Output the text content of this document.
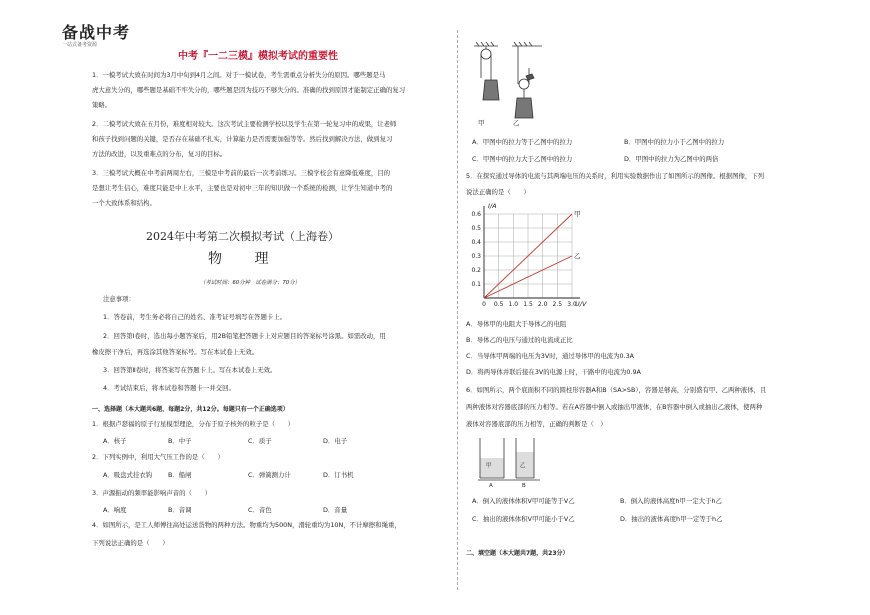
备战中考
一站式备考资源
中考『一二三模』模拟考试的重要性

1．一模考试大致在时间为3月中旬到4月之间。对于一模试卷，考生需重点分析失分的原因。哪些题是马

虎大意失分的，哪些题是基础不牢失分的，哪些题是因为技巧不够失分的。准确的找到原因才能制定正确的复习

策略。

2．二模考试大致在五月份，难度相对较大。这次考试主要检测学校以及学生在第一轮复习中的成果，让老师

和孩子找到问题的关键，是否存在基础不扎实，计算能力是否需要加强等等。然后找到解决方法，做到复习

方法的改进，以及重难点的分布，复习的目标。

3．三模考试大概在中考前两周左右，三模是中考前的最后一次考前练习。三模学校会有意降低难度，目的

是想让考生信心，难度只能是中上水平，主要也是对初中三年的知识做一个系统的检测，让学生知道中考的

一个大致体系和结构。

2024年中考第二次模拟考试（上海卷）
物 理
（考试时间：60分钟　试卷满分：70分）

注意事项：

1．答卷前，考生务必将自己的姓名、准考证号填写在答题卡上。

2．回答第Ⅰ卷时，选出每小题答案后，用2B铅笔把答题卡上对应题目的答案标号涂黑。如需改动，用

橡皮擦干净后，再选涂其他答案标号。写在本试卷上无效。

3．回答第Ⅱ卷时，将答案写在答题卡上。写在本试卷上无效。

4．考试结束后，将本试卷和答题卡一并交回。

一、选择题（本大题共6题，每题2分，共12分。每题只有一个正确选项）

1．根据卢瑟福的原子行星模型理论，分布于原子核外的粒子是（　　）

A．核子	B．中子	C．质子	D．电子

2．下列实例中，利用大气压工作的是（　　）

A．吸盘式挂衣钩 B．船闸	C．弹簧测力计	D．订书机

3．声源振动的频率能影响声音的（　　）

A．响度	B．音调	C．音色	D．音量

4．如图所示，是工人师傅往高处运送货物的两种方法。物重均为500N，滑轮重均为10N，不计摩擦和绳重，

下列说法正确的是（　　）

甲	乙
A．甲图中的拉力等于乙图中的拉力	B．甲图中的拉力小于乙图中的拉力
C．甲图中的拉力大于乙图中的拉力	D．甲图中的拉力为乙图中的两倍

5．在探究通过导体的电流与其两端电压的关系时，利用实验数据作出了如图所示的图像。根据图像，下列

说法正确的是（　　）

0 0.5 1.0 1.5 2.0 2.5 3.0
0.1
0.2
0.3
0.4
0.5
0.6
U/V
I/A
甲
乙

A．导体甲的电阻大于导体乙的电阻

B．导体乙的电压与通过的电流成正比

C．当导体甲两端的电压为3V时，通过导体甲的电流为0.3A

D．将两导体并联后接在3V的电源上时，干路中的电流为0.9A

6．如图所示，两个底面积不同的圆柱形容器A和B（SA>SB），容器足够高，分别盛有甲、乙两种液体，且

两种液体对容器底部的压力相等。若在A容器中倒入或抽出甲液体，在B容器中倒入或抽出乙液体，使两种

液体对容器底部的压力相等，正确的判断是（　）

甲	乙
A	B
A．倒入的液体体积V甲可能等于V乙	B．倒入的液体高度h甲一定大于h乙
C．抽出的液体体积V甲可能小于V乙	D．抽出的液体高度h甲一定等于h乙

二、填空题（本大题共7题，共23分）
